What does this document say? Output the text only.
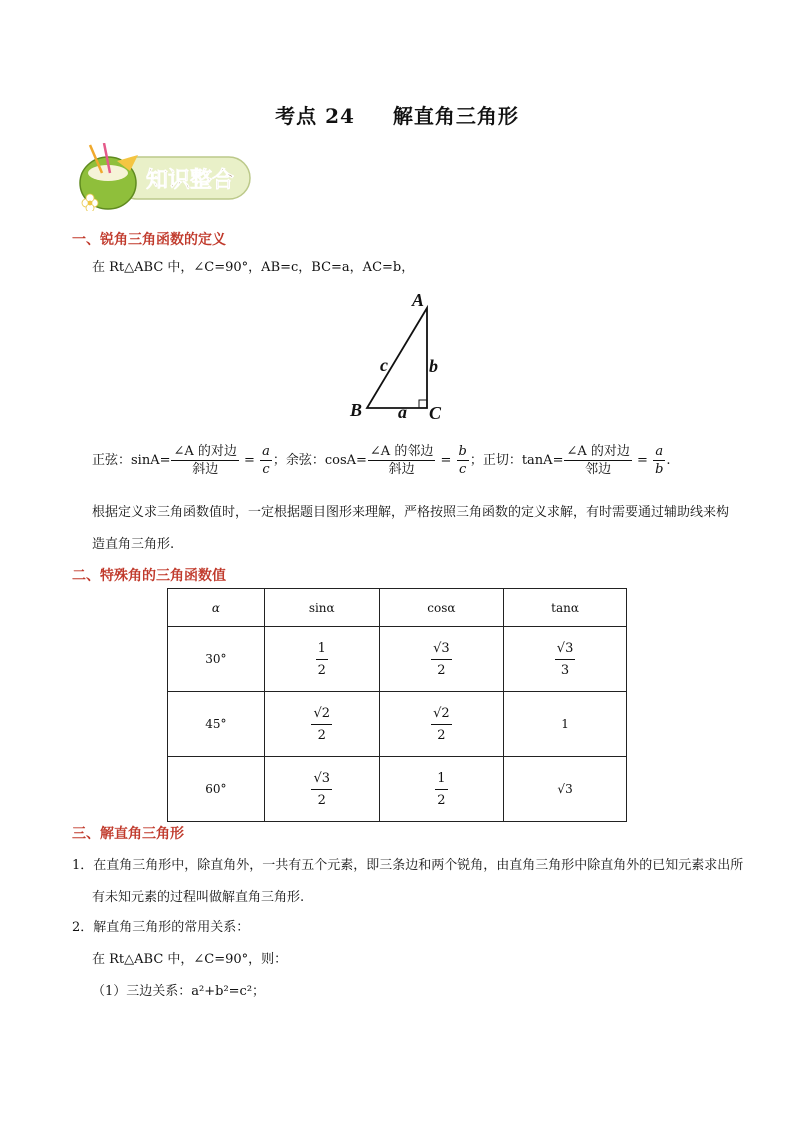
考点 24 解直角三角形
知识整合
一、锐角三角函数的定义
在 Rt△ABC 中，∠C=90°，AB=c，BC=a，AC=b，
A
B	C
a
b
c
正弦：$\sin A= \frac{\text{∠A 的对边}}{\text{斜边}} = \frac{a}{c}$ ；余弦：$\cos A= \frac{\text{∠A 的邻边}}{\text{斜边}} = \frac{b}{c}$ ；正切：$\tan A= \frac{\text{∠A 的对边}}{\text{邻边}} = \frac{a}{b}$ .
根据定义求三角函数值时，一定根据题目图形来理解，严格按照三角函数的定义求解，有时需要通过辅助线来构造直角三角形.
二、特殊角的三角函数值
α	sinα	cosα	tanα
30°	$\frac{1}{2}$	$\frac{√3}{2}$	$\frac{√3}{3}$

45°	$\frac{√2}{2}$	$\frac{√2}{2}$	1
60°	$\frac{√3}{2}$	$\frac{1}{2}$	√3
三、解直角三角形
1．在直角三角形中，除直角外，一共有五个元素，即三条边和两个锐角，由直角三角形中除直角外的已知元素求出所有未知元素的过程叫做解直角三角形.
2．解直角三角形的常用关系：
在 Rt△ABC 中，∠C=90°，则：
（1）三边关系：a²+b²=c²；
